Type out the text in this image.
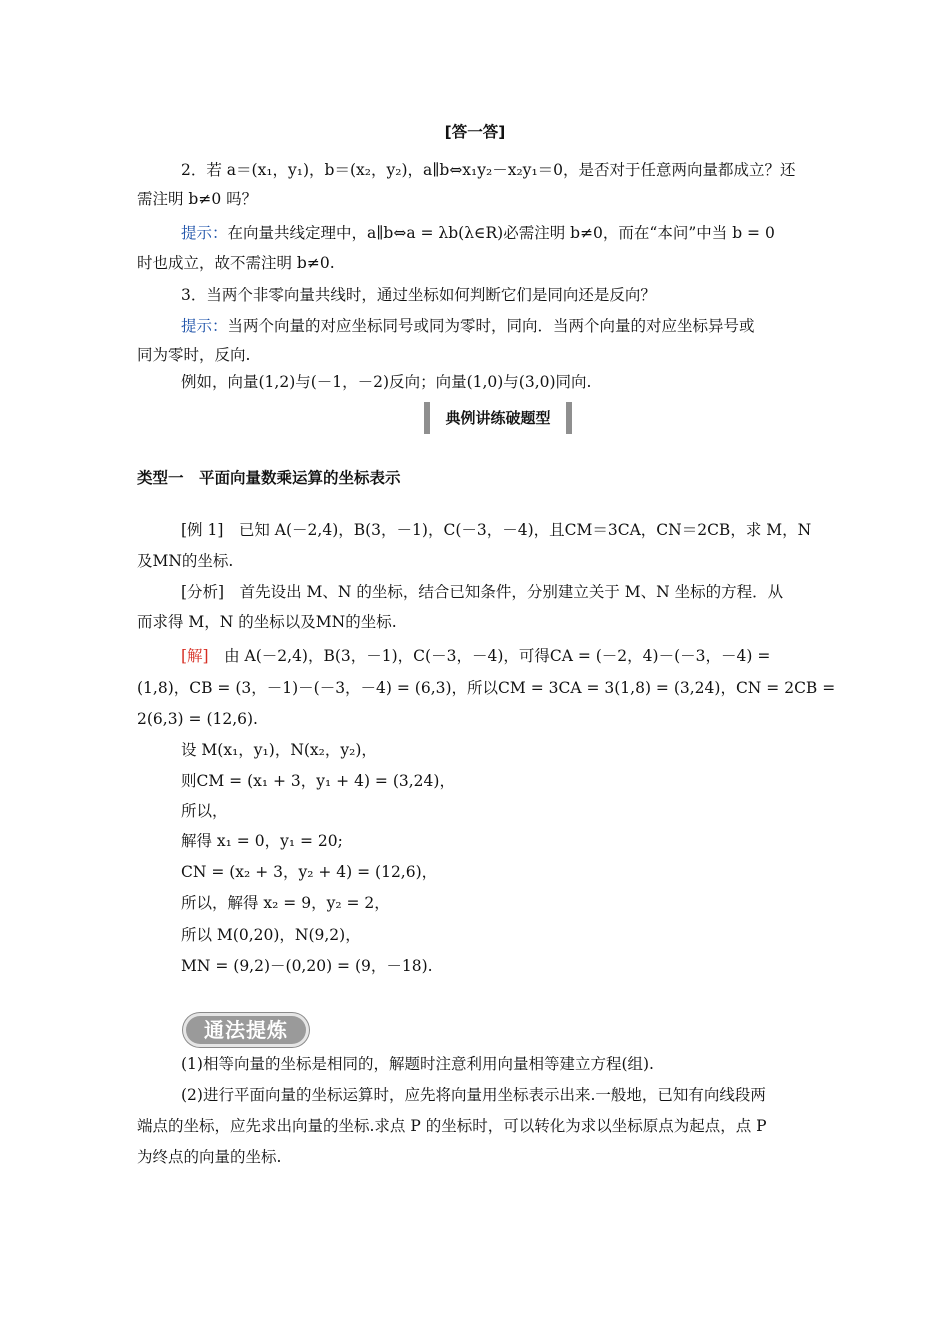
[答一答]
2．若 a＝(x₁，y₁)，b＝(x₂，y₂)，a∥b⇔x₁y₂－x₂y₁＝0，是否对于任意两向量都成立？还
需注明 b≠0 吗？
提示：在向量共线定理中，a∥b⇔a = λb(λ∈R)必需注明 b≠0，而在“本问”中当 b = 0
时也成立，故不需注明 b≠0.
3．当两个非零向量共线时，通过坐标如何判断它们是同向还是反向？
提示：当两个向量的对应坐标同号或同为零时，同向．当两个向量的对应坐标异号或
同为零时，反向.
例如，向量(1,2)与(－1，－2)反向；向量(1,0)与(3,0)同向.
典例讲练破题型
类型一　平面向量数乘运算的坐标表示
[例 1]　已知 A(－2,4)，B(3，－1)，C(－3，－4)，且CM＝3CA，CN＝2CB，求 M，N
及MN的坐标.
[分析]　首先设出 M、N 的坐标，结合已知条件，分别建立关于 M、N 坐标的方程．从
而求得 M，N 的坐标以及MN的坐标.
[解]　由 A(－2,4)，B(3，－1)，C(－3，－4)，可得CA = (－2，4)－(－3，－4) =
(1,8)，CB = (3，－1)－(－3，－4) = (6,3)，所以CM = 3CA = 3(1,8) = (3,24)，CN = 2CB =
2(6,3) = (12,6).
设 M(x₁，y₁)，N(x₂，y₂)，
则CM = (x₁ + 3，y₁ + 4) = (3,24)，
所以，
解得 x₁ = 0，y₁ = 20;
CN = (x₂ + 3，y₂ + 4) = (12,6)，
所以，解得 x₂ = 9，y₂ = 2，
所以 M(0,20)，N(9,2)，
MN = (9,2)－(0,20) = (9，－18).
通法提炼
(1)相等向量的坐标是相同的，解题时注意利用向量相等建立方程(组).
(2)进行平面向量的坐标运算时，应先将向量用坐标表示出来.一般地，已知有向线段两
端点的坐标，应先求出向量的坐标.求点 P 的坐标时，可以转化为求以坐标原点为起点，点 P
为终点的向量的坐标.
